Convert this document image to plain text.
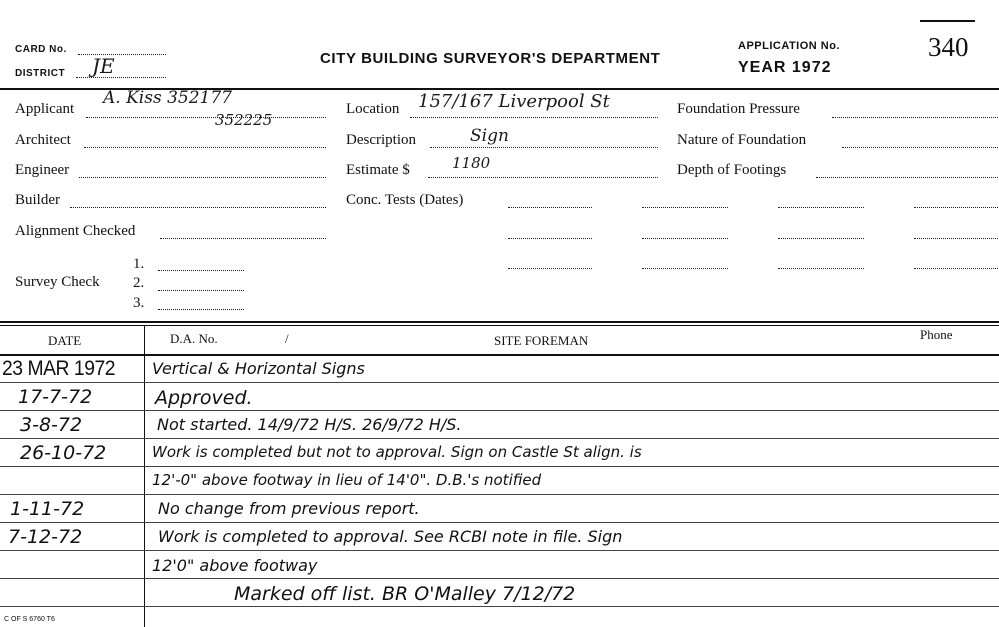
CARD No.
DISTRICT JE	CITY BUILDING SURVEYOR'S DEPARTMENT
APPLICATION No.
YEAR 1972
340
Applicant
A. Kiss 352177
352225
Architect
Engineer
Builder
Alignment Checked
Survey Check
1.
2.
3.
Location 157/167 Liverpool St
Description	Sign
Estimate $	1180
Conc. Tests (Dates)
Foundation Pressure
Nature of Foundation
Depth of Footings
DATE	D.A. No.	/	SITE FOREMAN	Phone
23 MAR 1972 Vertical & Horizontal Signs
17-7-72	Approved.
3-8-72	Not started. 14/9/72 H/S. 26/9/72 H/S.
26-10-72	Work is completed but not to approval. Sign on Castle St align. is
12'-0" above footway in lieu of 14'0". D.B.'s notified
1-11-72	No change from previous report.
7-12-72	Work is completed to approval. See RCBI note in file. Sign
12'0" above footway
Marked off list. BR O'Malley 7/12/72
C OF S 6760 T6
